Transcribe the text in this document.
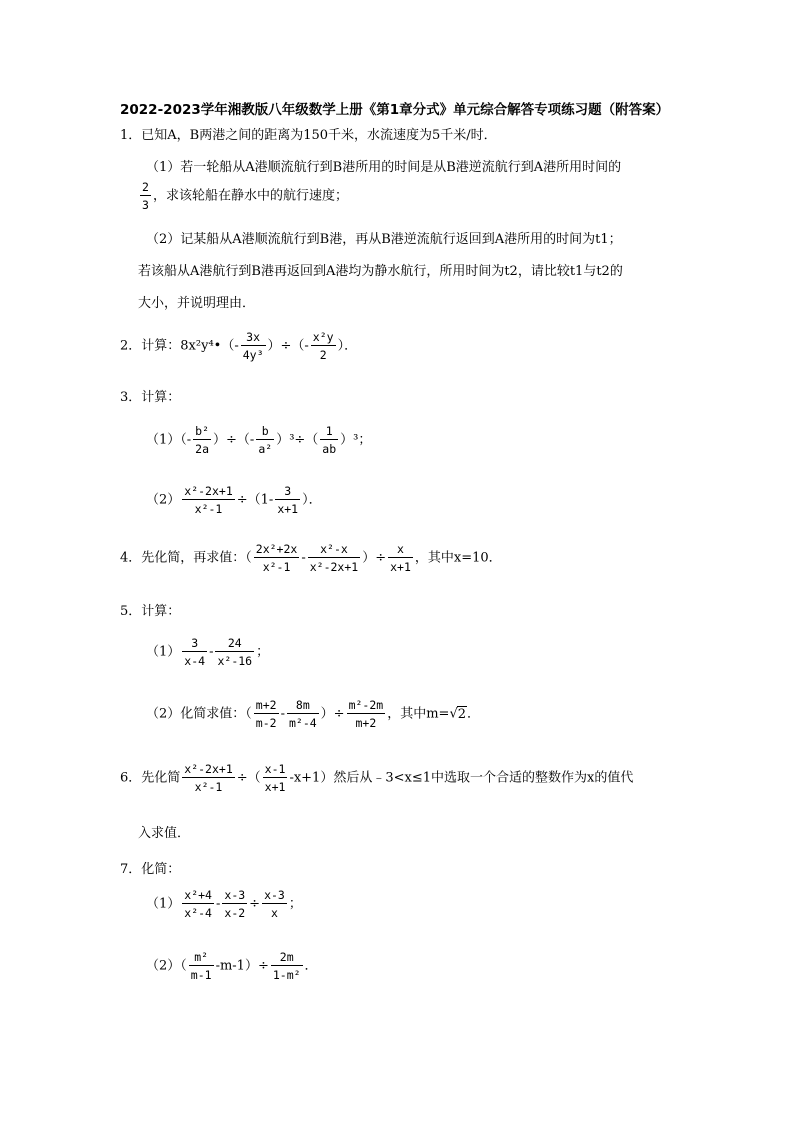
2022-2023学年湘教版八年级数学上册《第1章分式》单元综合解答专项练习题（附答案）
1．已知A，B两港之间的距离为150千米，水流速度为5千米/时．
（1）若一轮船从A港顺流航行到B港所用的时间是从B港逆流航行到A港所用时间的
$\frac{2}{3}$ ，求该轮船在静水中的航行速度；
（2）记某船从A港顺流航行到B港，再从B港逆流航行返回到A港所用的时间为t1；
若该船从A港航行到B港再返回到A港均为静水航行，所用时间为t2，请比较t1与t2的
大小，并说明理由．
2．计算：8x²y⁴•（- $\frac{3x}{\text{4y³}}$ ）÷（- $\frac{\text{x²y}}{2}$ ）．
3．计算：
$(1)(- \frac{\text{b²}}{2a}$ ）÷（- $\frac{b}{\text{a²}} )^3\div( \frac{1}{ab} )^3$；
$(2) \frac{\text{x²-2x+1}}{\text{x²-1}} \div(1- \frac{3}{x+1}$ ）．
4．先化简，再求值：（ $\frac{\text{2x²+2x}}{\text{x²-1}} - \frac{\text{x²-x}}{\text{x²-2x+1}}$ ）÷ $\frac{x}{x+1}$ ，其中x=10．
5．计算：
$(1) \frac{3}{x-4} - \frac{24}{\text{x²-16}}$ ；
（2）化简求值：（ $\frac{m+2}{m-2} - \frac{8m}{\text{m²-4}}$ ）÷ $\frac{\text{m²-2m}}{m+2}$ ，其中m=√2．
6．先化简 $\frac{\text{x²-2x+1}}{\text{x²-1}}$ ÷（ $\frac{x-1}{x+1} -x+1$）然后从﹣3<x≤1中选取一个合适的整数作为x的值代
入求值．
7．化简：
$(1) \frac{\text{x²+4}}{\text{x²-4}} - \frac{x-3}{x-2} \div \frac{x-3}{x}$ ；
$(2)( \frac{\text{m²}}{m-1} -m-1)\div \frac{2m}{\text{1-m²}}$ ．
